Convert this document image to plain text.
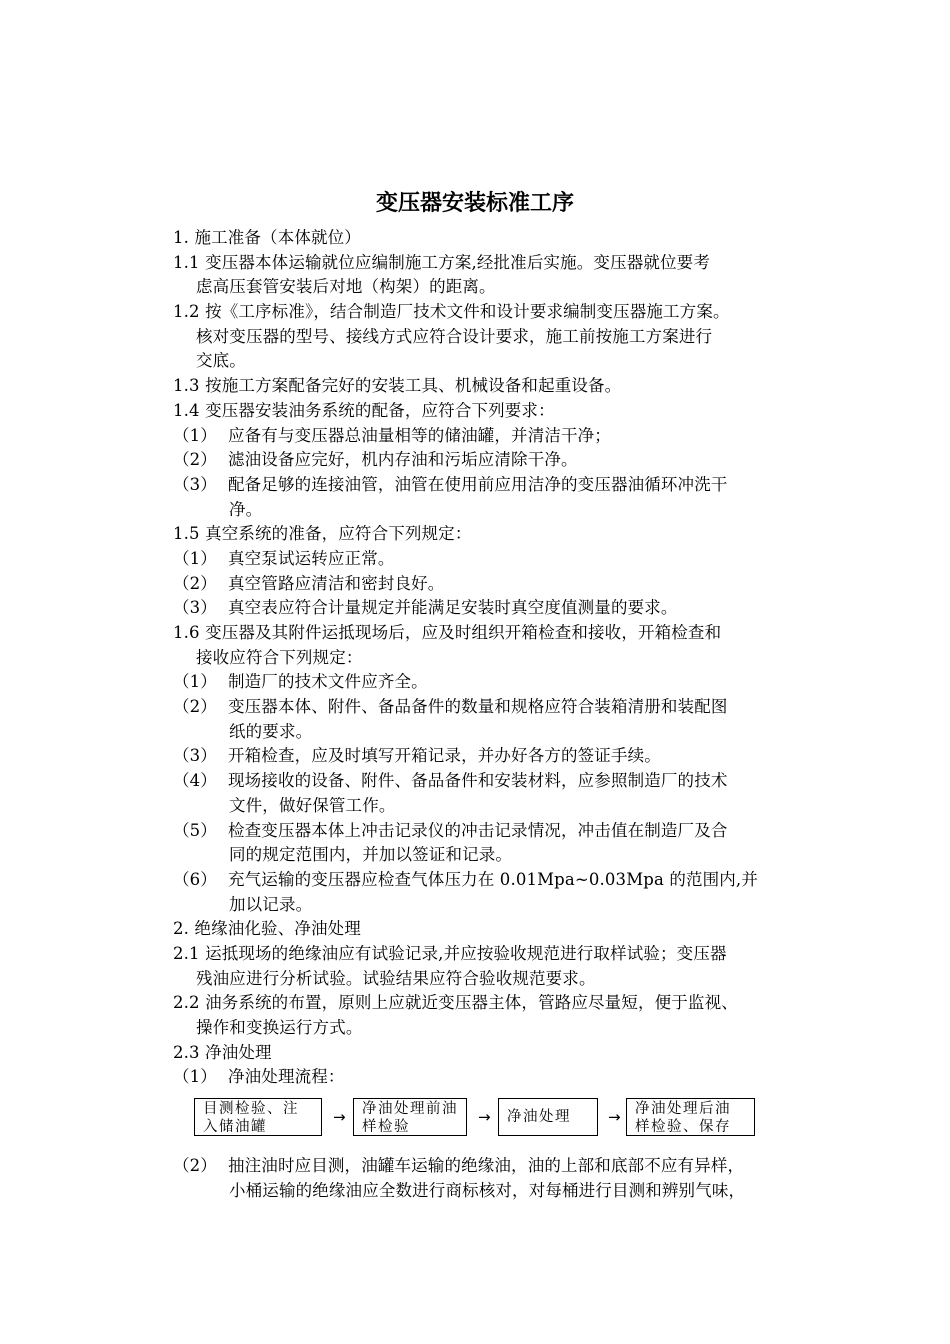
变压器安装标准工序
1. 施工准备（本体就位）
1.1 变压器本体运输就位应编制施工方案,经批准后实施。变压器就位要考
虑高压套管安装后对地（构架）的距离。
1.2 按《工序标准》，结合制造厂技术文件和设计要求编制变压器施工方案。
核对变压器的型号、接线方式应符合设计要求，施工前按施工方案进行
交底。
1.3 按施工方案配备完好的安装工具、机械设备和起重设备。
1.4 变压器安装油务系统的配备，应符合下列要求：
（1） 应备有与变压器总油量相等的储油罐，并清洁干净；
（2） 滤油设备应完好，机内存油和污垢应清除干净。
（3） 配备足够的连接油管，油管在使用前应用洁净的变压器油循环冲洗干
净。
1.5 真空系统的准备，应符合下列规定：
（1） 真空泵试运转应正常。
（2） 真空管路应清洁和密封良好。
（3） 真空表应符合计量规定并能满足安装时真空度值测量的要求。
1.6 变压器及其附件运抵现场后，应及时组织开箱检查和接收，开箱检查和
接收应符合下列规定：
（1） 制造厂的技术文件应齐全。
（2） 变压器本体、附件、备品备件的数量和规格应符合装箱清册和装配图
纸的要求。
（3） 开箱检查，应及时填写开箱记录，并办好各方的签证手续。
（4） 现场接收的设备、附件、备品备件和安装材料，应参照制造厂的技术
文件，做好保管工作。
（5） 检查变压器本体上冲击记录仪的冲击记录情况，冲击值在制造厂及合
同的规定范围内，并加以签证和记录。
（6） 充气运输的变压器应检查气体压力在 0.01Mpa~0.03Mpa 的范围内,并
加以记录。
2. 绝缘油化验、净油处理
2.1 运抵现场的绝缘油应有试验记录,并应按验收规范进行取样试验；变压器
残油应进行分析试验。试验结果应符合验收规范要求。
2.2 油务系统的布置，原则上应就近变压器主体，管路应尽量短，便于监视、
操作和变换运行方式。
2.3 净油处理
（1） 净油处理流程：
目测检验、注入储油罐
→	净油处理前油样检验
→	净油处理	→ 净油处理后油样检验、保存
（2） 抽注油时应目测，油罐车运输的绝缘油，油的上部和底部不应有异样，
小桶运输的绝缘油应全数进行商标核对，对每桶进行目测和辨别气味，
